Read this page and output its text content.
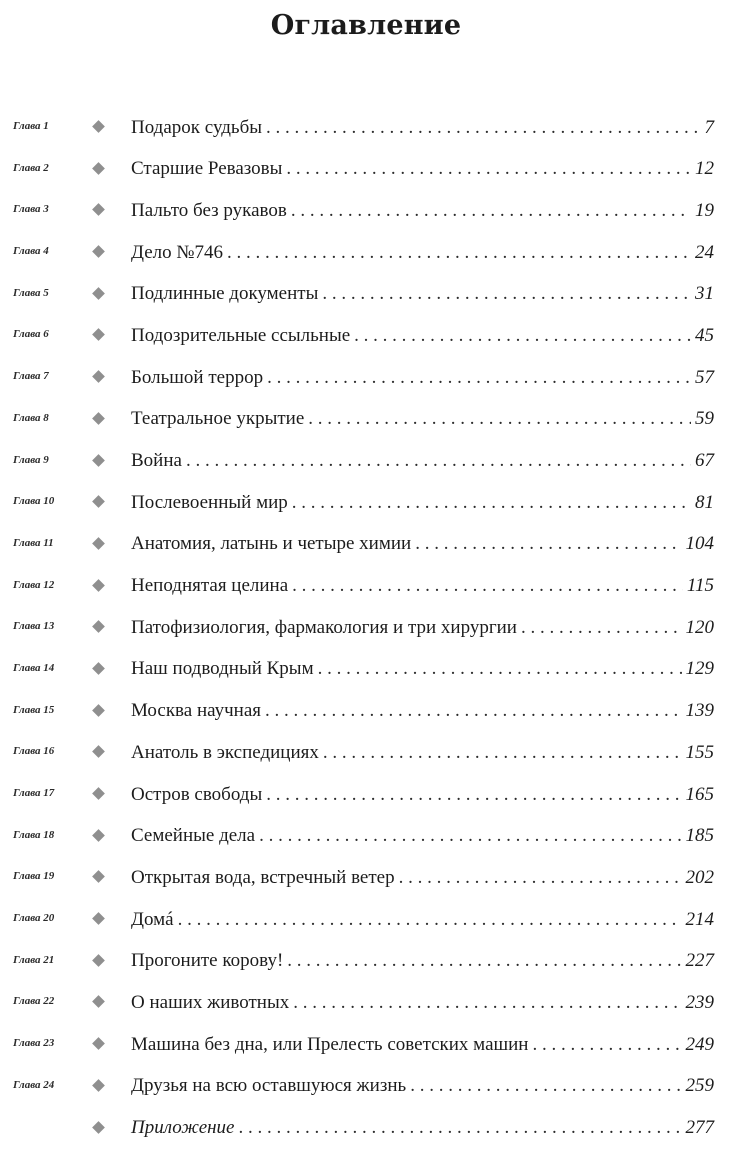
Оглавление
Глава 1	Подарок судьбы . . .	7
Глава 2	Старшие Ревазовы . . .	12
Глава 3	Пальто без рукавов . . .	19
Глава 4	Дело №746 . . .	24
Глава 5	Подлинные документы . . .	31
Глава 6	Подозрительные ссыльные . . .	45
Глава 7	Большой террор . . .	57
Глава 8	Театральное укрытие . . .	59
Глава 9	Война . . .	67
Глава 10	Послевоенный мир . . .	81
Глава 11	Анатомия, латынь и четыре химии . . .	104
Глава 12	Неподнятая целина . . .	115
Глава 13	Патофизиология, фармакология и три хирургии . . .	120
Глава 14	Наш подводный Крым . . .	129
Глава 15	Москва научная . . .	139
Глава 16	Анатоль в экспедициях . . .	155
Глава 17	Остров свободы . . .	165
Глава 18	Семейные дела . . .	185
Глава 19	Открытая вода, встречный ветер . . .	202
Глава 20	Домá . . .	214
Глава 21	Прогоните корову! . . .	227
Глава 22	О наших животных . . .	239
Глава 23	Машина без дна, или Прелесть советских машин . . .	249
Глава 24	Друзья на всю оставшуюся жизнь . . .	259
Приложение . . .	277
